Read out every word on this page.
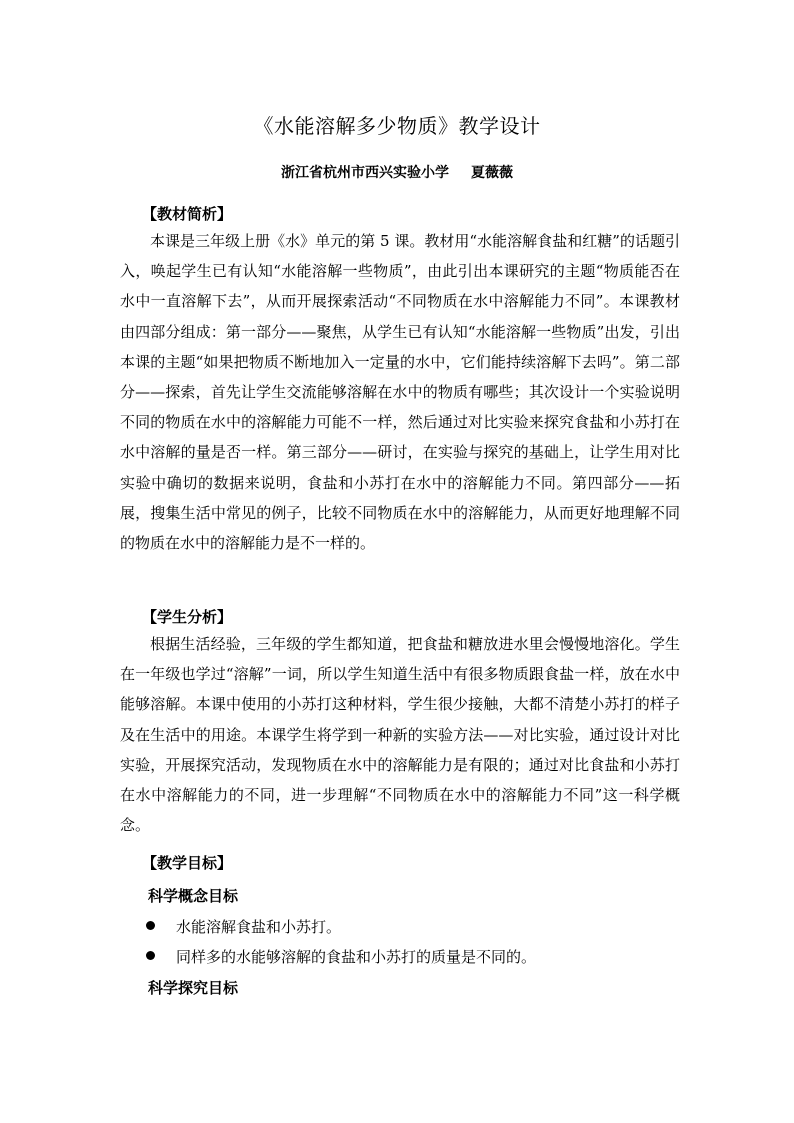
《水能溶解多少物质》教学设计
浙江省杭州市西兴实验小学 夏薇薇
【教材简析】

本课是三年级上册《水》单元的第 5 课。教材用“水能溶解食盐和红糖”的话题引入，唤起学生已有认知“水能溶解一些物质”，由此引出本课研究的主题“物质能否在水中一直溶解下去”，从而开展探索活动“不同物质在水中溶解能力不同”。本课教材由四部分组成：第一部分——聚焦，从学生已有认知“水能溶解一些物质”出发，引出本课的主题“如果把物质不断地加入一定量的水中，它们能持续溶解下去吗”。第二部分——探索，首先让学生交流能够溶解在水中的物质有哪些；其次设计一个实验说明不同的物质在水中的溶解能力可能不一样，然后通过对比实验来探究食盐和小苏打在水中溶解的量是否一样。第三部分——研讨，在实验与探究的基础上，让学生用对比实验中确切的数据来说明，食盐和小苏打在水中的溶解能力不同。第四部分——拓展，搜集生活中常见的例子，比较不同物质在水中的溶解能力，从而更好地理解不同的物质在水中的溶解能力是不一样的。

【学生分析】

根据生活经验，三年级的学生都知道，把食盐和糖放进水里会慢慢地溶化。学生在一年级也学过“溶解”一词，所以学生知道生活中有很多物质跟食盐一样，放在水中能够溶解。本课中使用的小苏打这种材料，学生很少接触，大都不清楚小苏打的样子及在生活中的用途。本课学生将学到一种新的实验方法——对比实验，通过设计对比实验，开展探究活动，发现物质在水中的溶解能力是有限的；通过对比食盐和小苏打在水中溶解能力的不同，进一步理解“不同物质在水中的溶解能力不同”这一科学概念。

【教学目标】
科学概念目标
水能溶解食盐和小苏打。
同样多的水能够溶解的食盐和小苏打的质量是不同的。
科学探究目标
